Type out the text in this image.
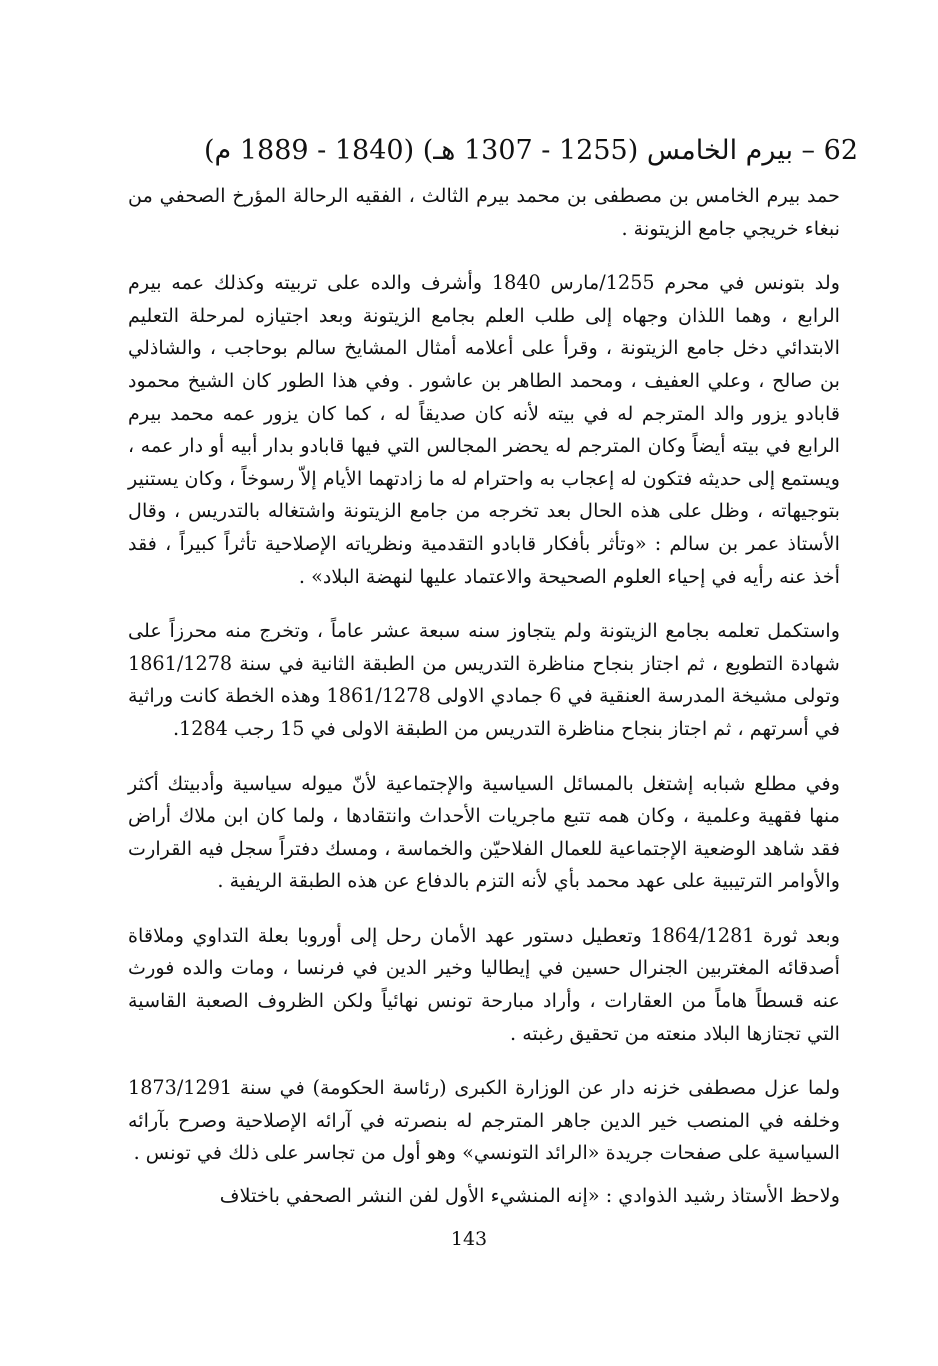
62 – بيرم الخامس (1255 - 1307 هـ) (1840 - 1889 م)

حمد بيرم الخامس بن مصطفى بن محمد بيرم الثالث ، الفقيه الرحالة المؤرخ الصحفي من نبغاء خريجي جامع الزيتونة .

ولد بتونس في محرم 1255/مارس 1840 وأشرف والده على تربيته وكذلك عمه بيرم الرابع ، وهما اللذان وجهاه إلى طلب العلم بجامع الزيتونة وبعد اجتيازه لمرحلة التعليم الابتدائي دخل جامع الزيتونة ، وقرأ على أعلامه أمثال المشايخ سالم بوحاجب ، والشاذلي بن صالح ، وعلي العفيف ، ومحمد الطاهر بن عاشور . وفي هذا الطور كان الشيخ محمود قابادو يزور والد المترجم له في بيته لأنه كان صديقاً له ، كما كان يزور عمه محمد بيرم الرابع في بيته أيضاً وكان المترجم له يحضر المجالس التي فيها قابادو بدار أبيه أو دار عمه ، ويستمع إلى حديثه فتكون له إعجاب به واحترام له ما زادتهما الأيام إلاّ رسوخاً ، وكان يستنير بتوجيهاته ، وظل على هذه الحال بعد تخرجه من جامع الزيتونة واشتغاله بالتدريس ، وقال الأستاذ عمر بن سالم : «وتأثر بأفكار قابادو التقدمية ونظرياته الإصلاحية تأثراً كبيراً ، فقد أخذ عنه رأيه في إحياء العلوم الصحيحة والاعتماد عليها لنهضة البلاد» .

واستكمل تعلمه بجامع الزيتونة ولم يتجاوز سنه سبعة عشر عاماً ، وتخرج منه محرزاً على شهادة التطويع ، ثم اجتاز بنجاح مناظرة التدريس من الطبقة الثانية في سنة 1861/1278 وتولى مشيخة المدرسة العنقية في 6 جمادي الاولى 1861/1278 وهذه الخطة كانت وراثية في أسرتهم ، ثم اجتاز بنجاح مناظرة التدريس من الطبقة الاولى في 15 رجب 1284.

وفي مطلع شبابه إشتغل بالمسائل السياسية والإجتماعية لأنّ ميوله سياسية وأدبيتك أكثر منها فقهية وعلمية ، وكان همه تتبع ماجريات الأحداث وانتقادها ، ولما كان ابن ملاك أراض فقد شاهد الوضعية الإجتماعية للعمال الفلاحيّن والخماسة ، ومسك دفتراً سجل فيه القرارت والأوامر الترتيبية على عهد محمد بأي لأنه التزم بالدفاع عن هذه الطبقة الريفية .

وبعد ثورة 1864/1281 وتعطيل دستور عهد الأمان رحل إلى أوروبا بعلة التداوي وملاقاة أصدقائه المغتربين الجنرال حسين في إيطاليا وخير الدين في فرنسا ، ومات والده فورث عنه قسطاً هاماً من العقارات ، وأراد مبارحة تونس نهائياً ولكن الظروف الصعبة القاسية التي تجتازها البلاد منعته من تحقيق رغبته .

ولما عزل مصطفى خزنه دار عن الوزارة الكبرى (رئاسة الحكومة) في سنة 1873/1291 وخلفه في المنصب خير الدين جاهر المترجم له بنصرته في آرائه الإصلاحية وصرح بآرائه السياسية على صفحات جريدة «الرائد التونسي» وهو أول من تجاسر على ذلك في تونس .

ولاحظ الأستاذ رشيد الذوادي : «إنه المنشيء الأول لفن النشر الصحفي باختلاف

143
